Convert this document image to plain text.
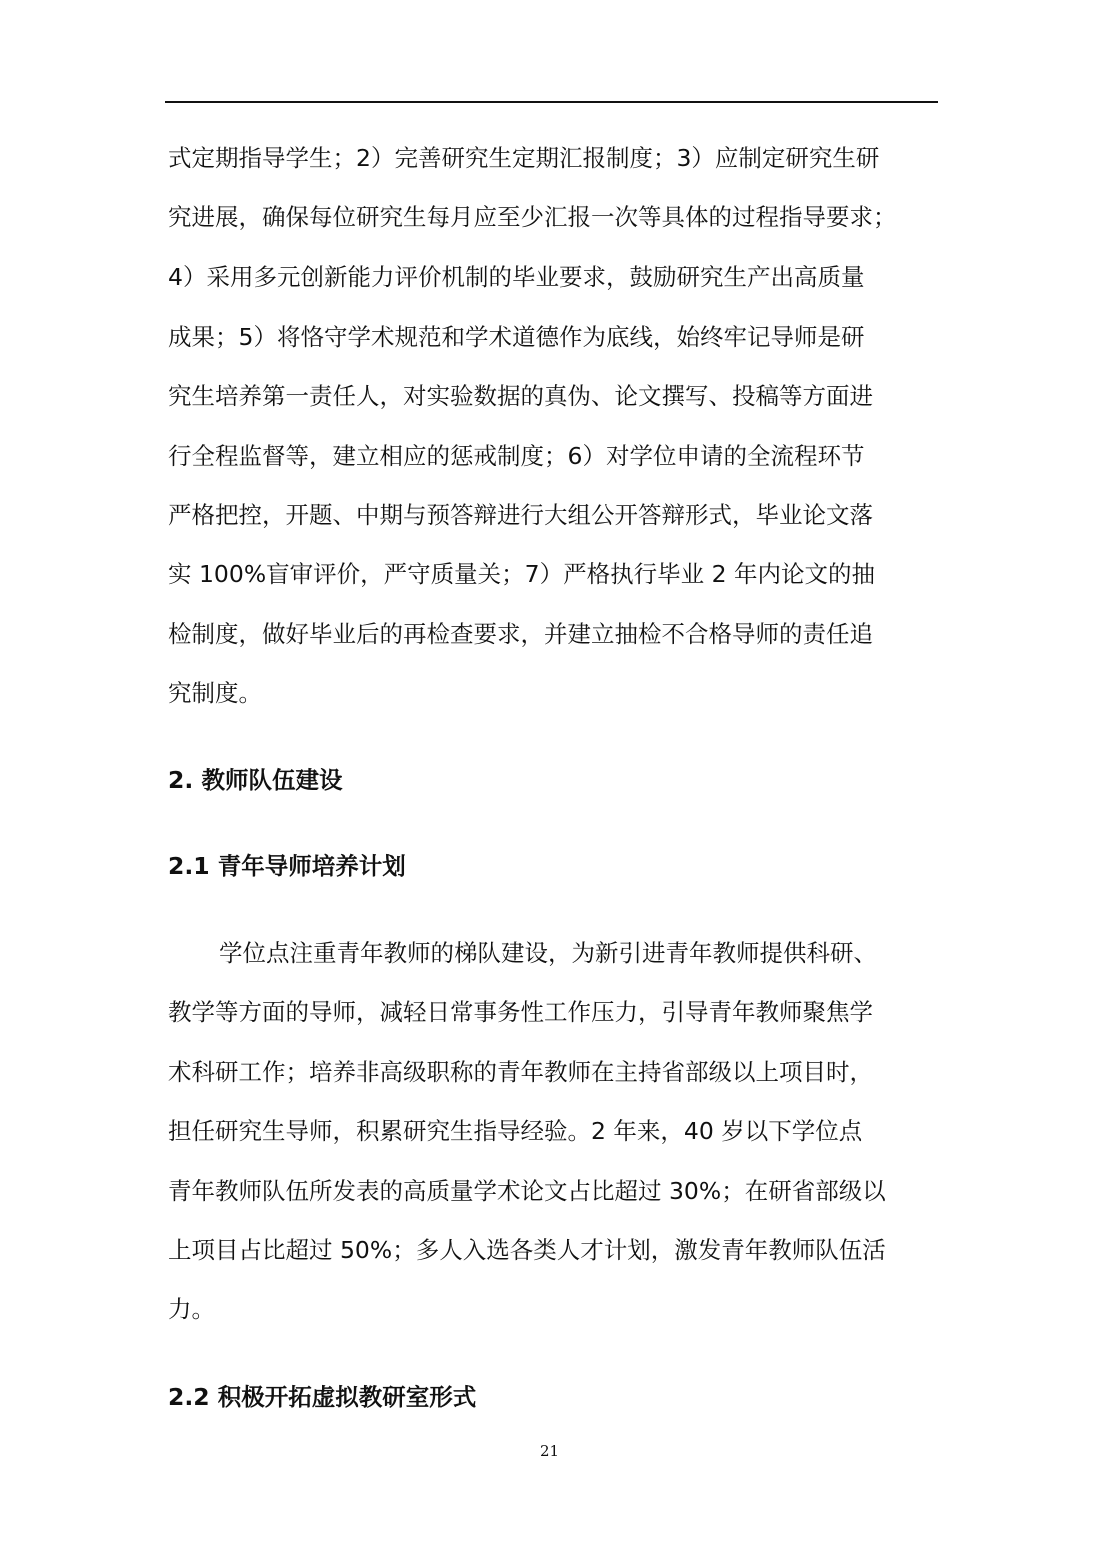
式定期指导学生；2）完善研究生定期汇报制度；3）应制定研究生研

究进展，确保每位研究生每月应至少汇报一次等具体的过程指导要求；

4）采用多元创新能力评价机制的毕业要求，鼓励研究生产出高质量

成果；5）将恪守学术规范和学术道德作为底线，始终牢记导师是研

究生培养第一责任人，对实验数据的真伪、论文撰写、投稿等方面进

行全程监督等，建立相应的惩戒制度；6）对学位申请的全流程环节

严格把控，开题、中期与预答辩进行大组公开答辩形式，毕业论文落

实 100%盲审评价，严守质量关；7）严格执行毕业 2 年内论文的抽

检制度，做好毕业后的再检查要求，并建立抽检不合格导师的责任追

究制度。

2. 教师队伍建设
2.1 青年导师培养计划

学位点注重青年教师的梯队建设，为新引进青年教师提供科研、

教学等方面的导师，减轻日常事务性工作压力，引导青年教师聚焦学

术科研工作；培养非高级职称的青年教师在主持省部级以上项目时，

担任研究生导师，积累研究生指导经验。2 年来，40 岁以下学位点

青年教师队伍所发表的高质量学术论文占比超过 30%；在研省部级以

上项目占比超过 50%；多人入选各类人才计划，激发青年教师队伍活

力。

2.2 积极开拓虚拟教研室形式

21
